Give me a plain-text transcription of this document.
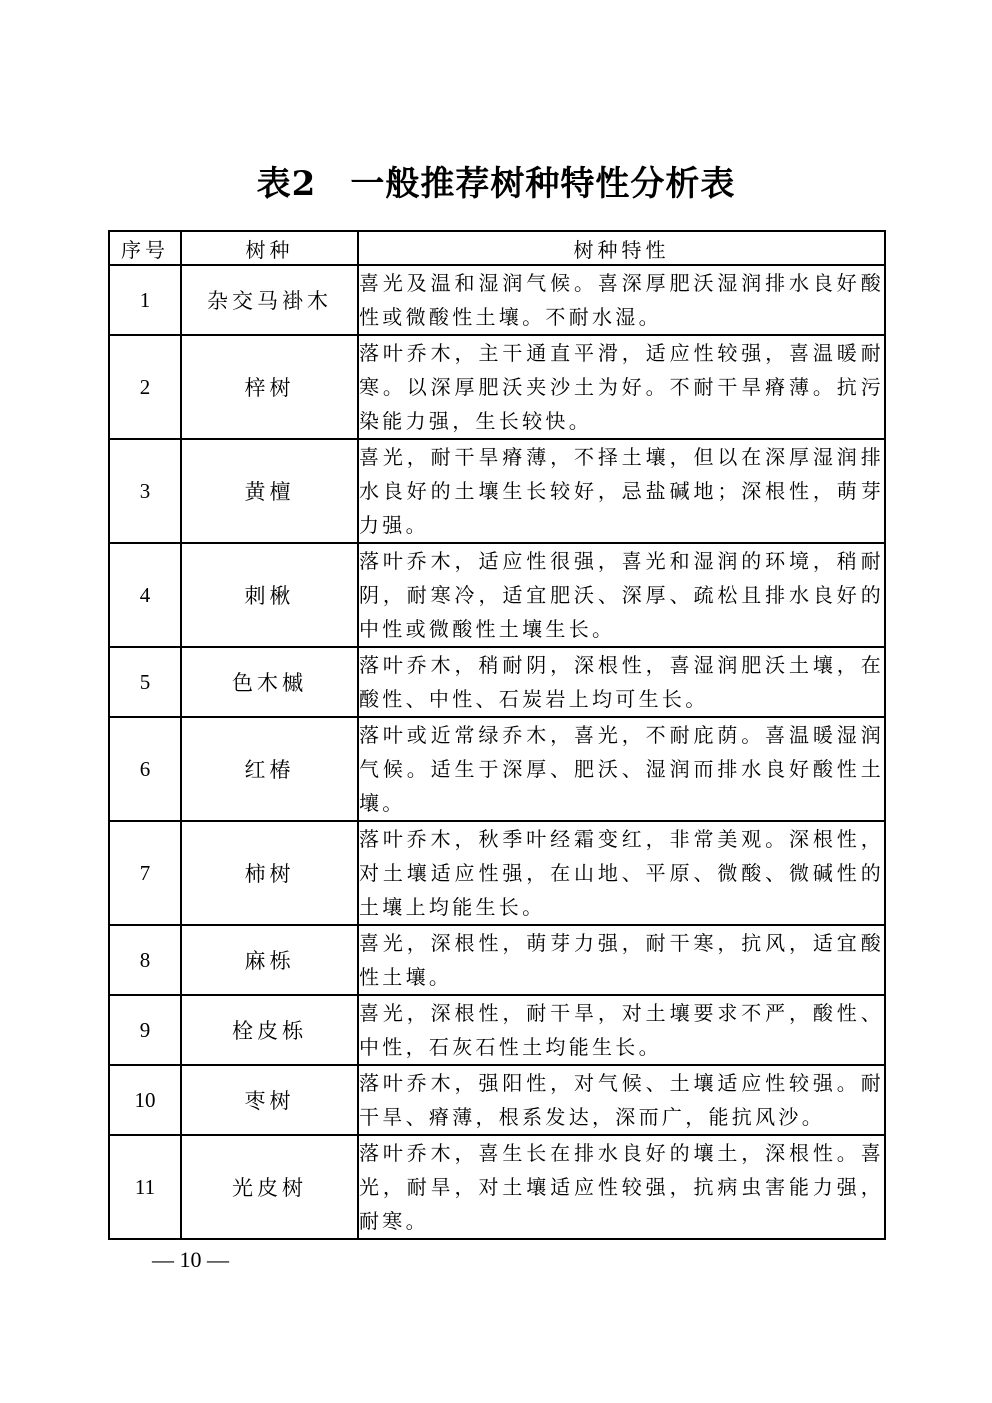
表2 一般推荐树种特性分析表
序号	树种	树种特性
1	杂交马褂木	喜光及温和湿润气候。喜深厚肥沃湿润排水良好酸性或微酸性土壤。不耐水湿。
2	梓树	落叶乔木，主干通直平滑，适应性较强，喜温暖耐寒。以深厚肥沃夹沙土为好。不耐干旱瘠薄。抗污染能力强，生长较快。
3	黄檀	喜光，耐干旱瘠薄，不择土壤，但以在深厚湿润排水良好的土壤生长较好，忌盐碱地；深根性，萌芽力强。
4	刺楸	落叶乔木，适应性很强，喜光和湿润的环境，稍耐阴，耐寒冷，适宜肥沃、深厚、疏松且排水良好的中性或微酸性土壤生长。
5	色木槭	落叶乔木，稍耐阴，深根性，喜湿润肥沃土壤，在酸性、中性、石炭岩上均可生长。
6	红椿	落叶或近常绿乔木，喜光，不耐庇荫。喜温暖湿润气候。适生于深厚、肥沃、湿润而排水良好酸性土壤。
7	柿树	落叶乔木，秋季叶经霜变红，非常美观。深根性，对土壤适应性强，在山地、平原、微酸、微碱性的土壤上均能生长。
8	麻栎	喜光，深根性，萌芽力强，耐干寒，抗风，适宜酸性土壤。
9	栓皮栎	喜光，深根性，耐干旱，对土壤要求不严，酸性、中性，石灰石性土均能生长。
10	枣树	落叶乔木，强阳性，对气候、土壤适应性较强。耐干旱、瘠薄，根系发达，深而广，能抗风沙。
11	光皮树	落叶乔木，喜生长在排水良好的壤土，深根性。喜光，耐旱，对土壤适应性较强，抗病虫害能力强，耐寒。
— 10 —
